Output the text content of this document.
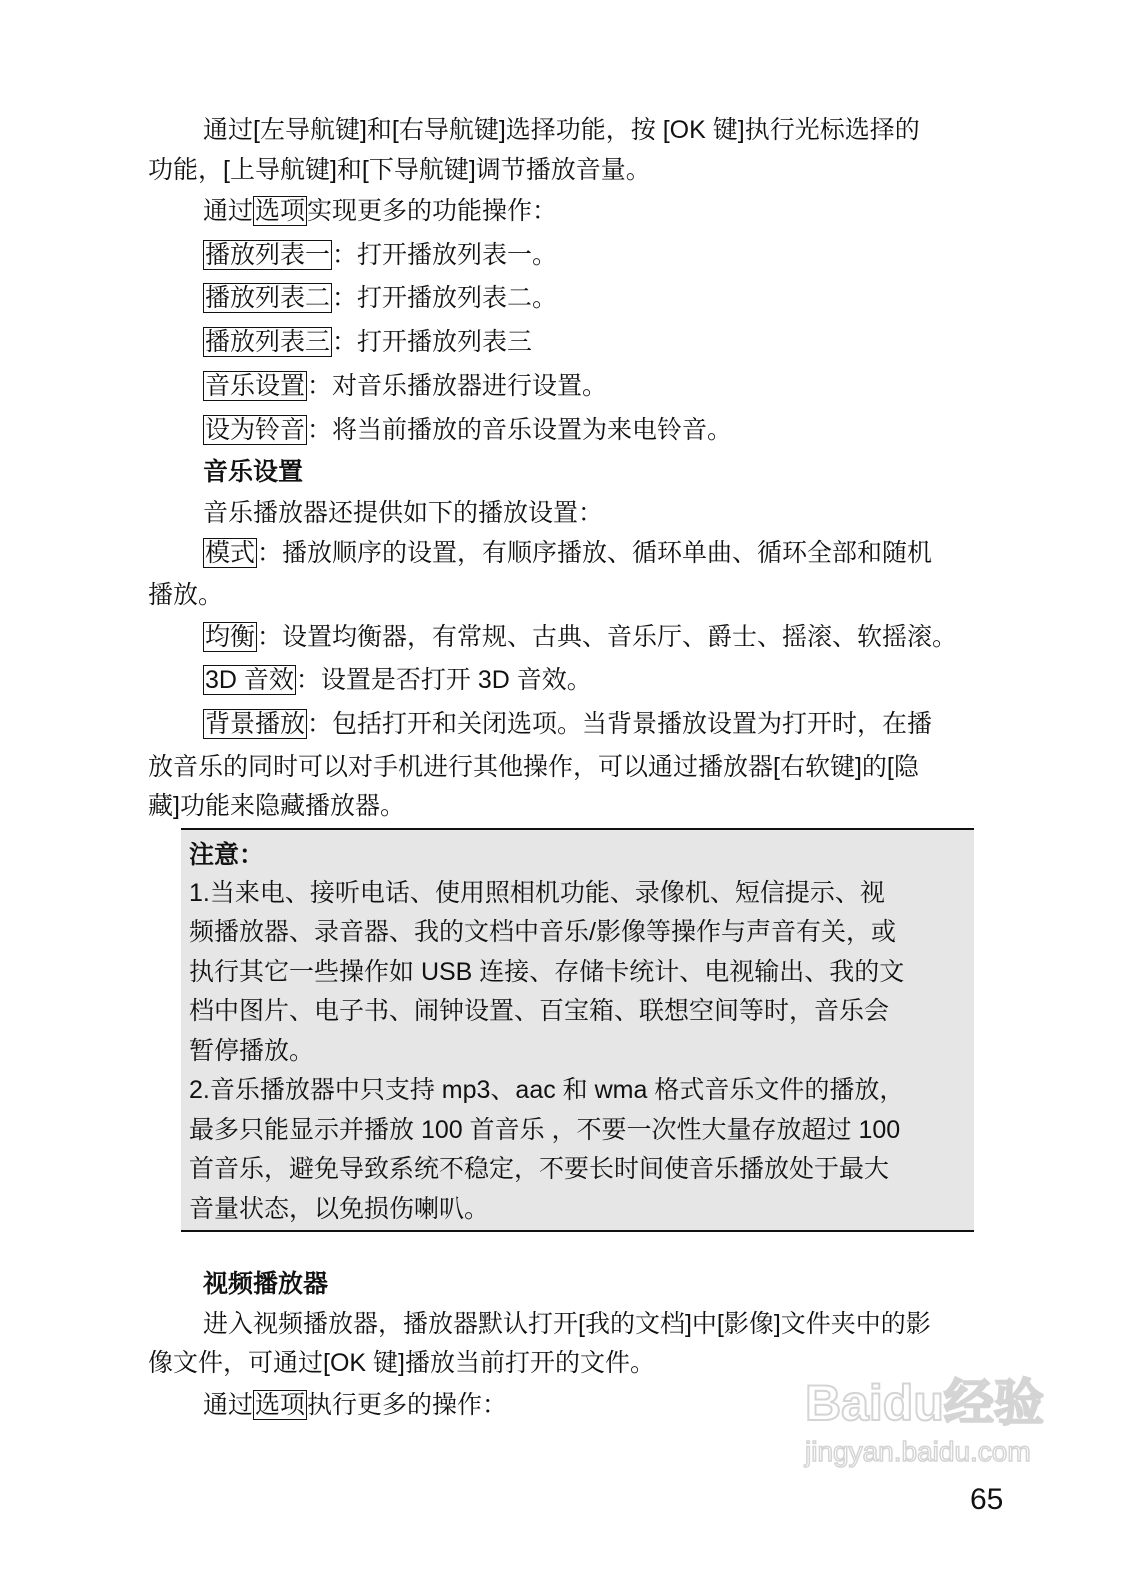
通过[左导航键]和[右导航键]选择功能，按 [OK 键]执行光标选择的
功能，[上导航键]和[下导航键]调节播放音量。
通过选项实现更多的功能操作：
播放列表一：打开播放列表一。
播放列表二：打开播放列表二。
播放列表三：打开播放列表三
音乐设置：对音乐播放器进行设置。
设为铃音：将当前播放的音乐设置为来电铃音。
音乐设置
音乐播放器还提供如下的播放设置：
模式：播放顺序的设置，有顺序播放、循环单曲、循环全部和随机
播放。
均衡：设置均衡器，有常规、古典、音乐厅、爵士、摇滚、软摇滚。
3D 音效：设置是否打开 3D 音效。
背景播放：包括打开和关闭选项。当背景播放设置为打开时，在播
放音乐的同时可以对手机进行其他操作，可以通过播放器[右软键]的[隐
藏]功能来隐藏播放器。
注意：
1.当来电、接听电话、使用照相机功能、录像机、短信提示、视
频播放器、录音器、我的文档中音乐/影像等操作与声音有关，或
执行其它一些操作如 USB 连接、存储卡统计、电视输出、我的文
档中图片、电子书、闹钟设置、百宝箱、联想空间等时，音乐会
暂停播放。
2.音乐播放器中只支持 mp3、aac 和 wma 格式音乐文件的播放，
最多只能显示并播放 100 首音乐 ，不要一次性大量存放超过 100
首音乐，避免导致系统不稳定，不要长时间使音乐播放处于最大
音量状态，以免损伤喇叭。
视频播放器
进入视频播放器，播放器默认打开[我的文档]中[影像]文件夹中的影
像文件，可通过[OK 键]播放当前打开的文件。
通过选项执行更多的操作：	Baidu经验
jingyan.baidu.com
65
